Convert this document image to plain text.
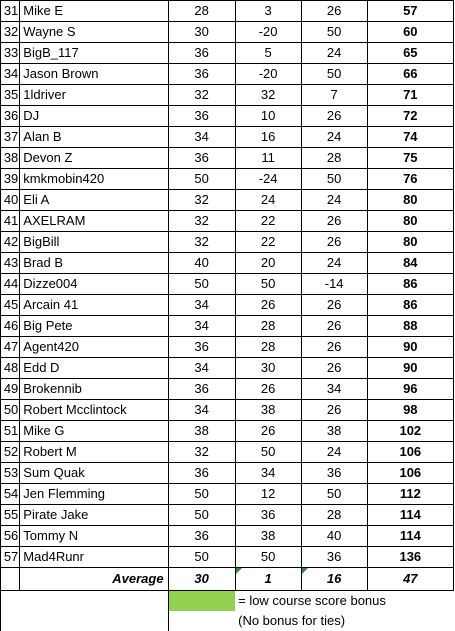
31	Mike E	28	3	26	57
32	Wayne S	30	-20	50	60
33	BigB_117	36	5	24	65
34	Jason Brown	36	-20	50	66
35	1ldriver	32	32	7	71
36	DJ	36	10	26	72
37	Alan B	34	16	24	74
38	Devon Z	36	11	28	75
39	kmkmobin420	50	-24	50	76
40	Eli A	32	24	24	80
41	AXELRAM	32	22	26	80
42	BigBill	32	22	26	80
43	Brad B	40	20	24	84
44	Dizze004	50	50	-14	86
45	Arcain 41	34	26	26	86
46	Big Pete	34	28	26	88
47	Agent420	36	28	26	90
48	Edd D	34	30	26	90
49	Brokennib	36	26	34	96
50	Robert Mcclintock	34	38	26	98
51	Mike G	38	26	38	102
52	Robert M	32	50	24	106
53	Sum Quak	36	34	36	106
54	Jen Flemming	50	12	50	112
55	Pirate Jake	50	36	28	114
56	Tommy N	36	38	40	114
57	Mad4Runr	50	50	36	136
	Average	30	1	16	47
			= low course score bonus		
			(No bonus for ties)		
